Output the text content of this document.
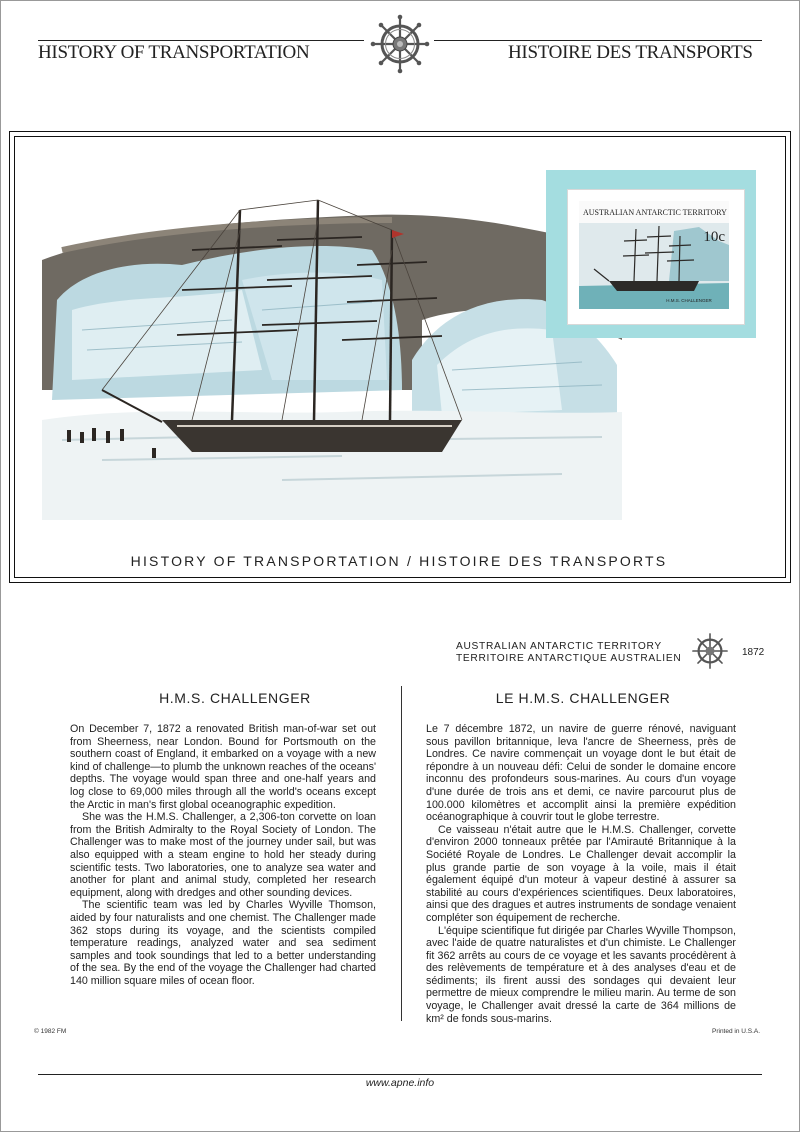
HISTORY OF TRANSPORTATION	HISTOIRE DES TRANSPORTS
HISTORY OF TRANSPORTATION / HISTOIRE DES TRANSPORTS
AUSTRALIAN ANTARCTIC TERRITORY
10c
H.M.S. CHALLENGER
AUSTRALIAN ANTARCTIC TERRITORY
TERRITOIRE ANTARCTIQUE AUSTRALIEN
1872
H.M.S. CHALLENGER

On December 7, 1872 a renovated British man-of-war set out from Sheerness, near London. Bound for Portsmouth on the southern coast of England, it embarked on a voyage with a new kind of challenge—to plumb the unknown reaches of the oceans' depths. The voyage would span three and one-half years and log close to 69,000 miles through all the world's oceans except the Arctic in man's first global oceanographic expedition.

She was the H.M.S. Challenger, a 2,306-ton corvette on loan from the British Admiralty to the Royal Society of London. The Challenger was to make most of the journey under sail, but was also equipped with a steam engine to hold her steady during scientific tests. Two laboratories, one to analyze sea water and another for plant and animal study, completed her research equipment, along with dredges and other sounding devices.

The scientific team was led by Charles Wyville Thomson, aided by four naturalists and one chemist. The Challenger made 362 stops during its voyage, and the scientists compiled temperature readings, analyzed water and sea sediment samples and took soundings that led to a better understanding of the sea. By the end of the voyage the Challenger had charted 140 million square miles of ocean floor.

LE H.M.S. CHALLENGER

Le 7 décembre 1872, un navire de guerre rénové, naviguant sous pavillon britannique, leva l'ancre de Sheerness, près de Londres. Ce navire commençait un voyage dont le but était de répondre à un nouveau défi: Celui de sonder le domaine encore inconnu des profondeurs sous-marines. Au cours d'un voyage d'une durée de trois ans et demi, ce navire parcourut plus de 100.000 kilomètres et accomplit ainsi la première expédition océanographique à couvrir tout le globe terrestre.

Ce vaisseau n'était autre que le H.M.S. Challenger, corvette d'environ 2000 tonneaux prêtée par l'Amirauté Britannique à la Société Royale de Londres. Le Challenger devait accomplir la plus grande partie de son voyage à la voile, mais il était également équipé d'un moteur à vapeur destiné à assurer sa stabilité au cours d'expériences scientifiques. Deux laboratoires, ainsi que des dragues et autres instruments de sondage venaient compléter son équipement de recherche.

L'équipe scientifique fut dirigée par Charles Wyville Thompson, avec l'aide de quatre naturalistes et d'un chimiste. Le Challenger fit 362 arrêts au cours de ce voyage et les savants procédèrent à des relèvements de température et à des analyses d'eau et de sédiments; ils firent aussi des sondages qui devaient leur permettre de mieux comprendre le milieu marin. Au terme de son voyage, le Challenger avait dressé la carte de 364 millions de km² de fonds sous-marins.

© 1982 FM	Printed in U.S.A.
www.apne.info
